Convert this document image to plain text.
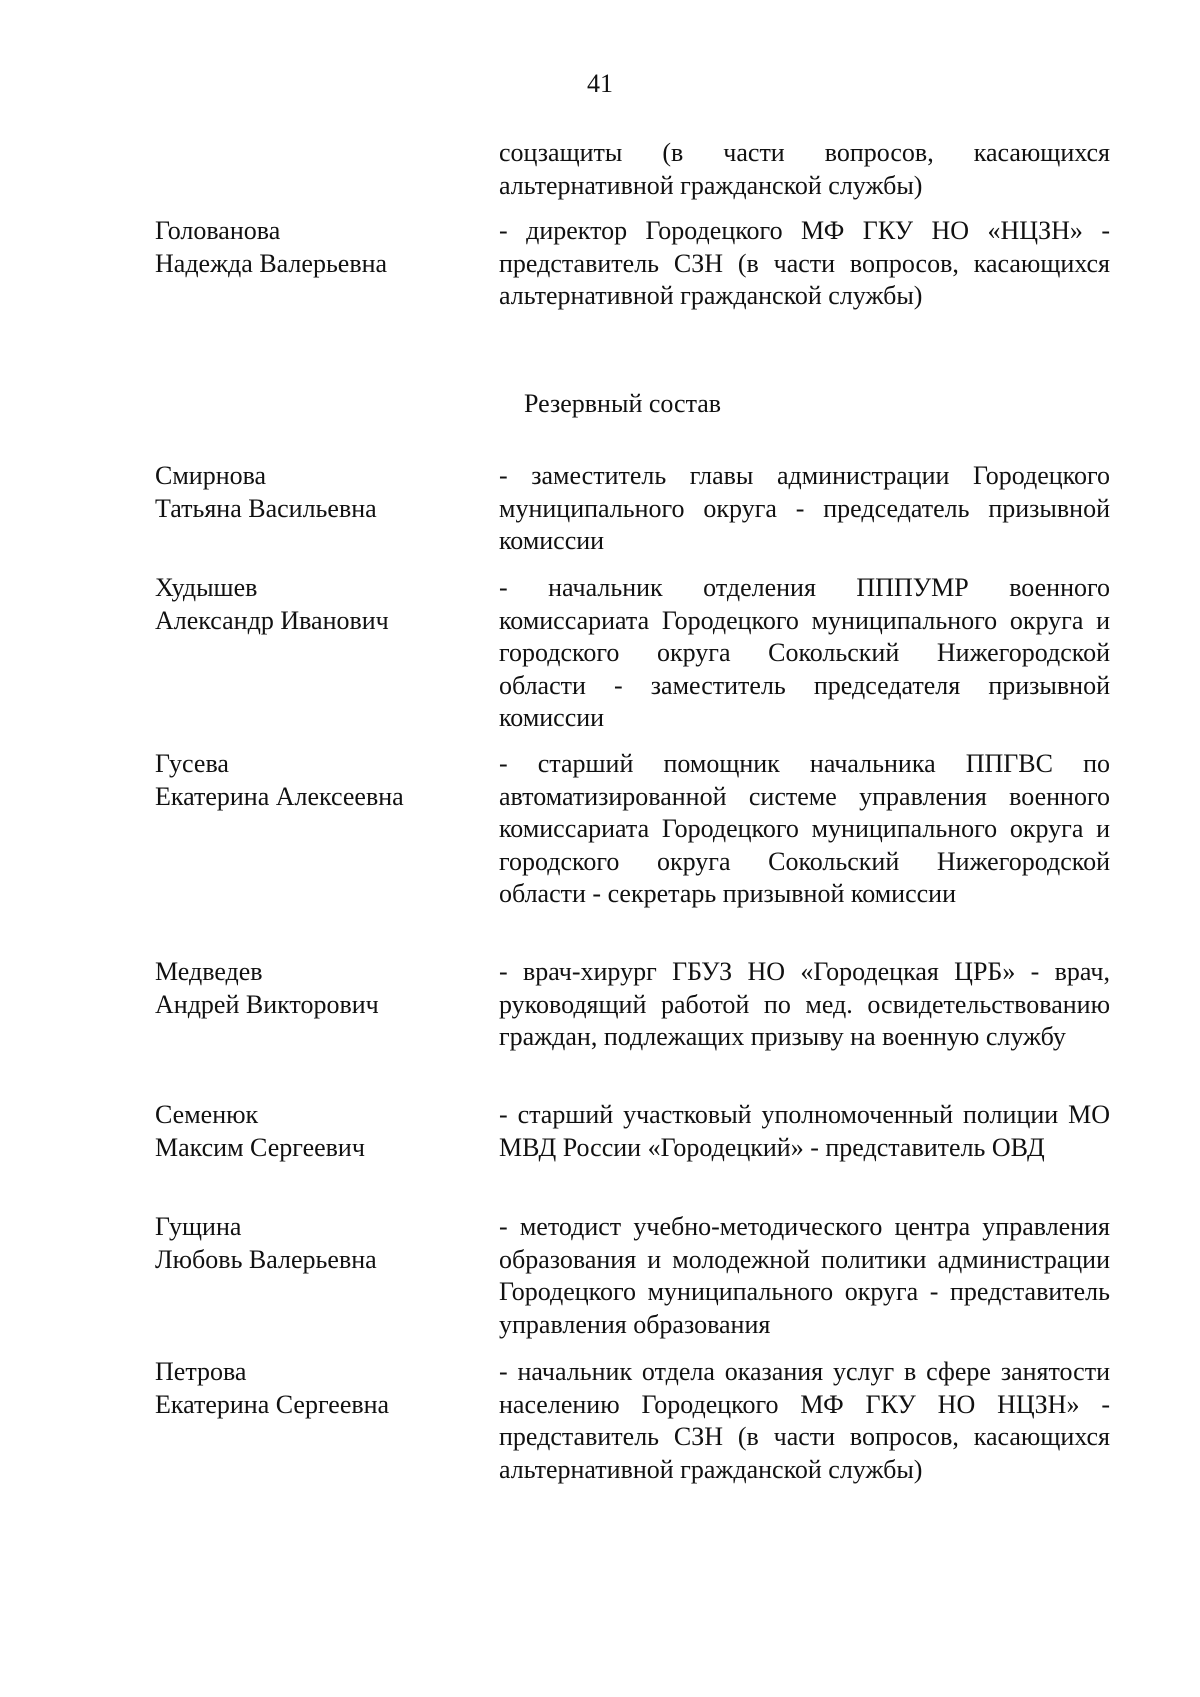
41
соцзащиты (в части вопросов, касающихся альтернативной гражданской службы)
Голованова
Надежда Валерьевна
- директор Городецкого МФ ГКУ НО «НЦЗН» - представитель СЗН (в части вопросов, касающихся альтернативной гражданской службы)
Резервный состав
Смирнова
Татьяна Васильевна
- заместитель главы администрации Городецкого муниципального округа - председатель призывной комиссии
Худышев
Александр Иванович
- начальник отделения ПППУМР военного комиссариата Городецкого муниципального округа и городского округа Сокольский Нижегородской области - заместитель председателя призывной комиссии
Гусева
Екатерина Алексеевна
- старший помощник начальника ППГВС по автоматизированной системе управления военного комиссариата Городецкого муниципального округа и городского округа Сокольский Нижегородской области - секретарь призывной комиссии
Медведев
Андрей Викторович
- врач-хирург ГБУЗ НО «Городецкая ЦРБ» - врач, руководящий работой по мед. освидетельствованию граждан, подлежащих призыву на военную службу
Семенюк
Максим Сергеевич
- старший участковый уполномоченный полиции МО МВД России «Городецкий» - представитель ОВД
Гущина
Любовь Валерьевна
- методист учебно-методического центра управления образования и молодежной политики администрации Городецкого муниципального округа - представитель управления образования
Петрова
Екатерина Сергеевна
- начальник отдела оказания услуг в сфере занятости населению Городецкого МФ ГКУ НО НЦЗН» - представитель СЗН (в части вопросов, касающихся альтернативной гражданской службы)
